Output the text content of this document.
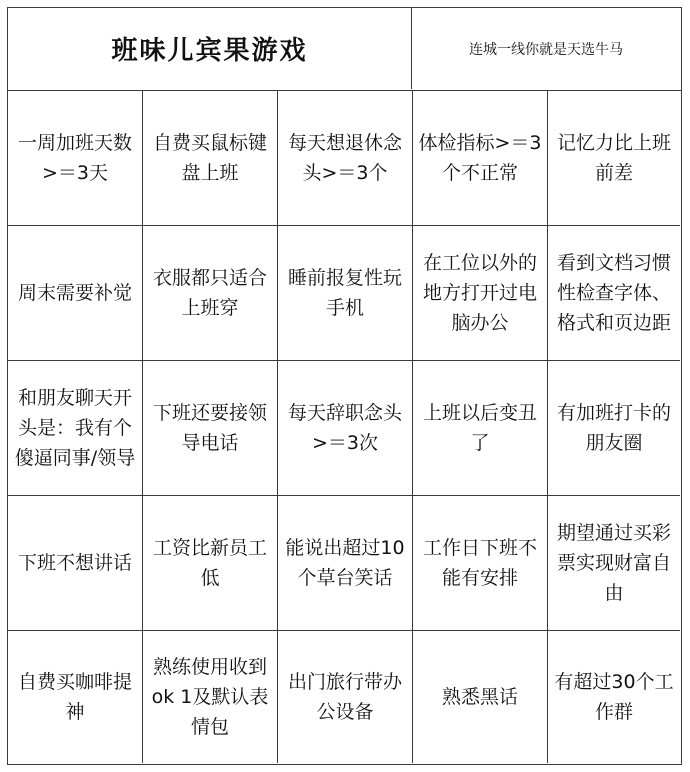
班味儿宾果游戏	连城一线你就是天选牛马
一周加班天数>＝3天
自费买鼠标键盘上班
每天想退休念头>＝3个
体检指标>＝3个不正常
记忆力比上班前差
周末需要补觉
衣服都只适合上班穿
睡前报复性玩手机
在工位以外的地方打开过电脑办公
看到文档习惯性检查字体、格式和页边距
和朋友聊天开头是：我有个傻逼同事/领导
下班还要接领导电话
每天辞职念头>＝3次
上班以后变丑了
有加班打卡的朋友圈
下班不想讲话
工资比新员工低
能说出超过10个草台笑话
工作日下班不能有安排
期望通过买彩票实现财富自由
自费买咖啡提神
熟练使用收到ok 1及默认表情包
出门旅行带办公设备
熟悉黑话
有超过30个工作群
